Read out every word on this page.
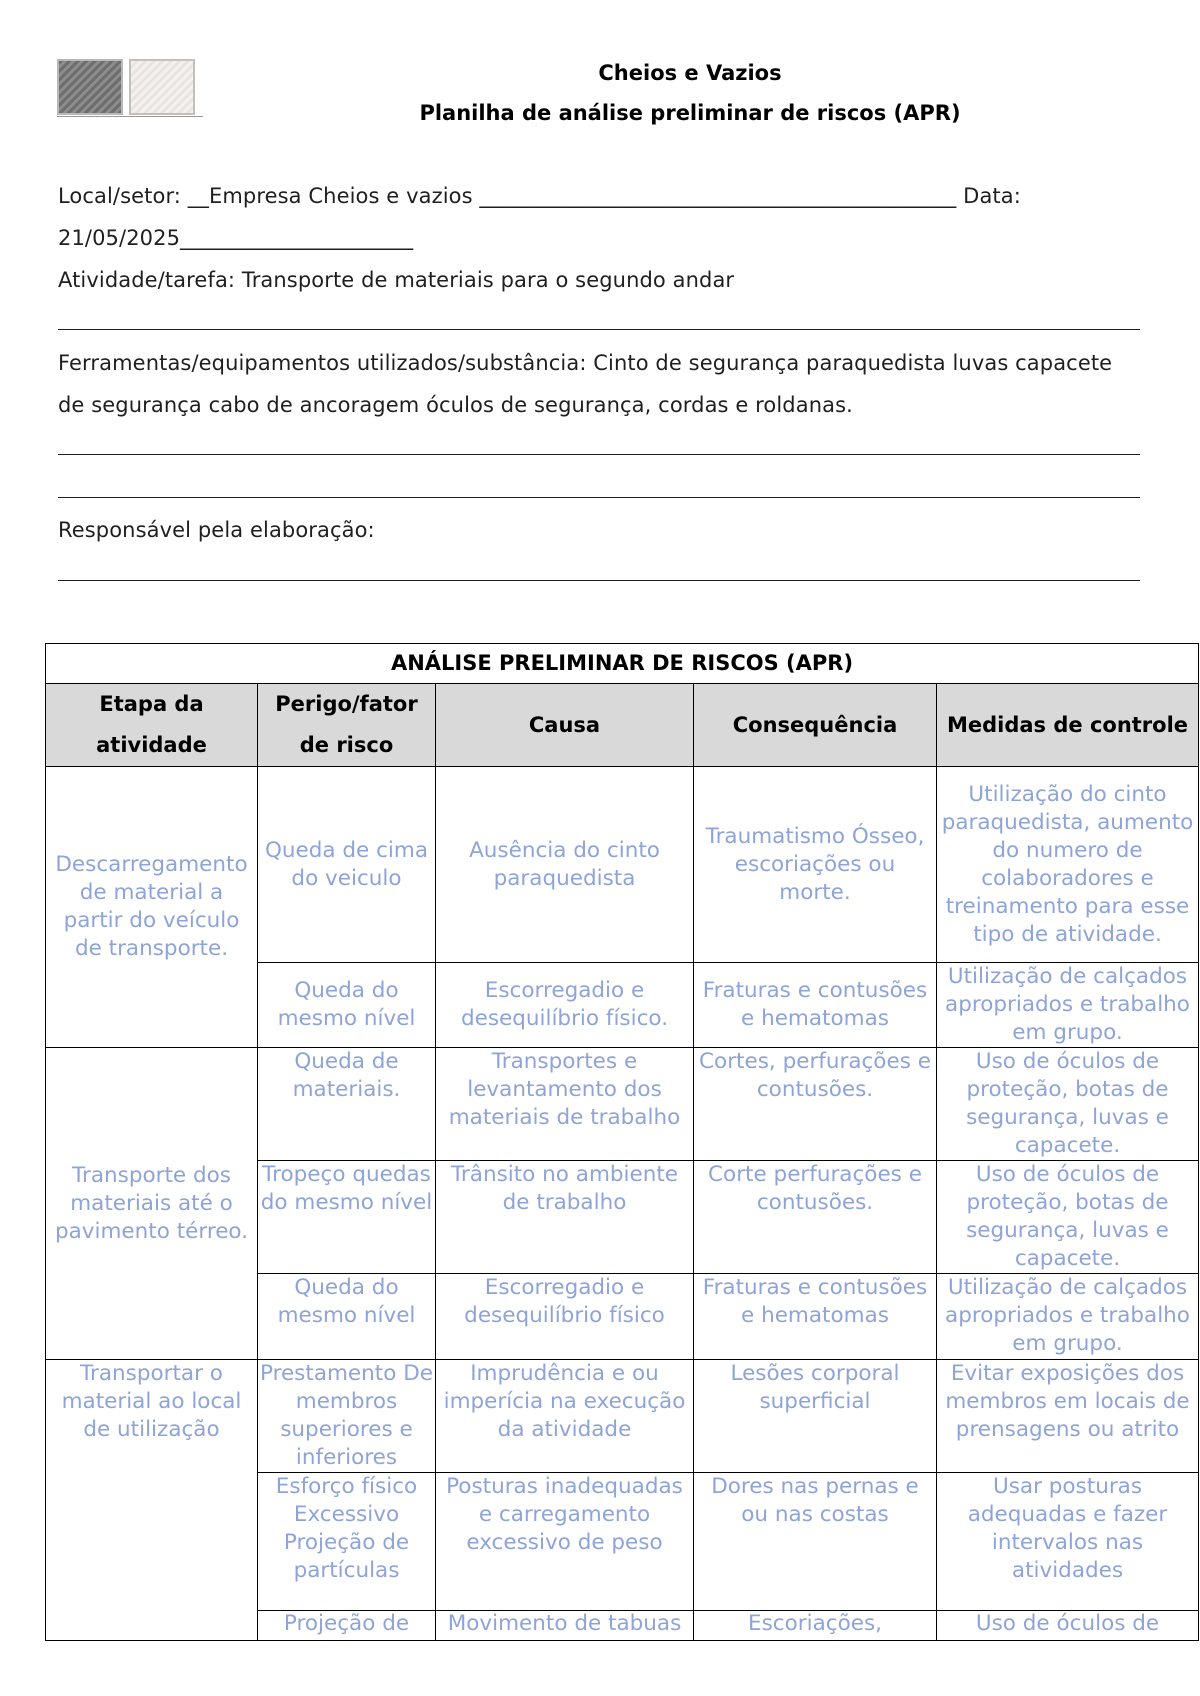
Cheios e Vazios
Planilha de análise preliminar de riscos (APR)
Local/setor: __Empresa Cheios e vazios _____________________________________________ Data:
21/05/2025______________________
Atividade/tarefa: Transporte de materiais para o segundo andar
Ferramentas/equipamentos utilizados/substância: Cinto de segurança paraquedista luvas capacete
de segurança cabo de ancoragem óculos de segurança, cordas e roldanas.
Responsável pela elaboração:
ANÁLISE PRELIMINAR DE RISCOS (APR)				
Etapa da atividade	Perigo/fator de risco	Causa	Consequência	Medidas de controle
Descarregamento de material a partir do veículo de transporte.	Queda de cima do veiculo	Ausência do cinto paraquedista	Traumatismo Ósseo, escoriações ou morte.	Utilização do cinto paraquedista, aumento do numero de colaboradores e treinamento para esse tipo de atividade.
	Queda do mesmo nível	Escorregadio e desequilíbrio físico.	Fraturas e contusões e hematomas	Utilização de calçados apropriados e trabalho em grupo.
Transporte dos materiais até o pavimento térreo.	Queda de materiais.	Transportes e levantamento dos materiais de trabalho	Cortes, perfurações e contusões.	Uso de óculos de proteção, botas de segurança, luvas e capacete.
	Tropeço quedas do mesmo nível	Trânsito no ambiente de trabalho	Corte perfurações e contusões.	Uso de óculos de proteção, botas de segurança, luvas e capacete.
	Queda do mesmo nível	Escorregadio e desequilíbrio físico	Fraturas e contusões e hematomas	Utilização de calçados apropriados e trabalho em grupo.
Transportar o material ao local de utilização	Prestamento De membros superiores e inferiores	Imprudência e ou imperícia na execução da atividade	Lesões corporal superficial	Evitar exposições dos membros em locais de prensagens ou atrito
	Esforço físico Excessivo Projeção de partículas	Posturas inadequadas e carregamento excessivo de peso	Dores nas pernas e ou nas costas	Usar posturas adequadas e fazer intervalos nas atividades
	Projeção de	Movimento de tabuas	Escoriações,	Uso de óculos de
